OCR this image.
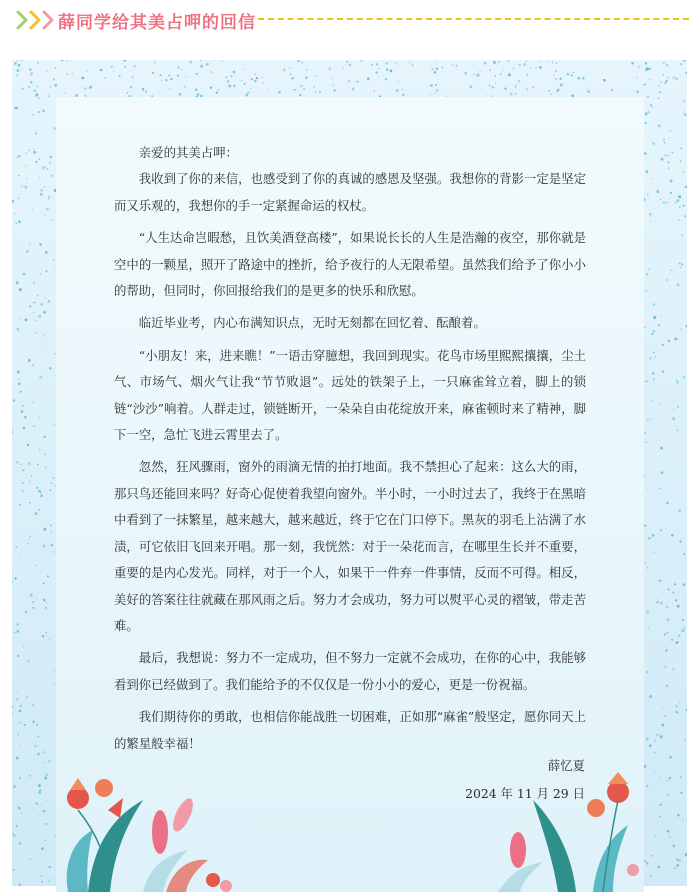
薛同学给其美占呷的回信

亲爱的其美占呷：

我收到了你的来信，也感受到了你的真诚的感恩及坚强。我想你的背影一定是坚定而又乐观的，我想你的手一定紧握命运的权杖。

“人生达命岂暇愁，且饮美酒登高楼”，如果说长长的人生是浩瀚的夜空，那你就是空中的一颗星，照开了路途中的挫折，给予夜行的人无限希望。虽然我们给予了你小小的帮助，但同时，你回报给我们的是更多的快乐和欣慰。

临近毕业考，内心布满知识点，无时无刻都在回忆着、酝酿着。

“小朋友！来，进来瞧！”一语击穿臆想，我回到现实。花鸟市场里熙熙攘攘，尘土气、市场气、烟火气让我“节节败退”。远处的铁架子上，一只麻雀耸立着，脚上的锁链“沙沙”响着。人群走过，锁链断开，一朵朵自由花绽放开来，麻雀顿时来了精神，脚下一空，急忙飞进云霄里去了。

忽然，狂风骤雨，窗外的雨滴无情的拍打地面。我不禁担心了起来：这么大的雨，那只鸟还能回来吗？好奇心促使着我望向窗外。半小时，一小时过去了，我终于在黑暗中看到了一抹繁星，越来越大，越来越近，终于它在门口停下。黑灰的羽毛上沾满了水渍，可它依旧飞回来开唱。那一刻，我恍然：对于一朵花而言，在哪里生长并不重要，重要的是内心发光。同样，对于一个人，如果干一件弃一件事情，反而不可得。相反，美好的答案往往就藏在那风雨之后。努力才会成功，努力可以熨平心灵的褶皱，带走苦难。

最后，我想说：努力不一定成功，但不努力一定就不会成功，在你的心中，我能够看到你已经做到了。我们能给予的不仅仅是一份小小的爱心，更是一份祝福。

我们期待你的勇敢，也相信你能战胜一切困难，正如那“麻雀”般坚定，愿你同天上的繁星般幸福！

薛忆夏
2024 年 11 月 29 日
